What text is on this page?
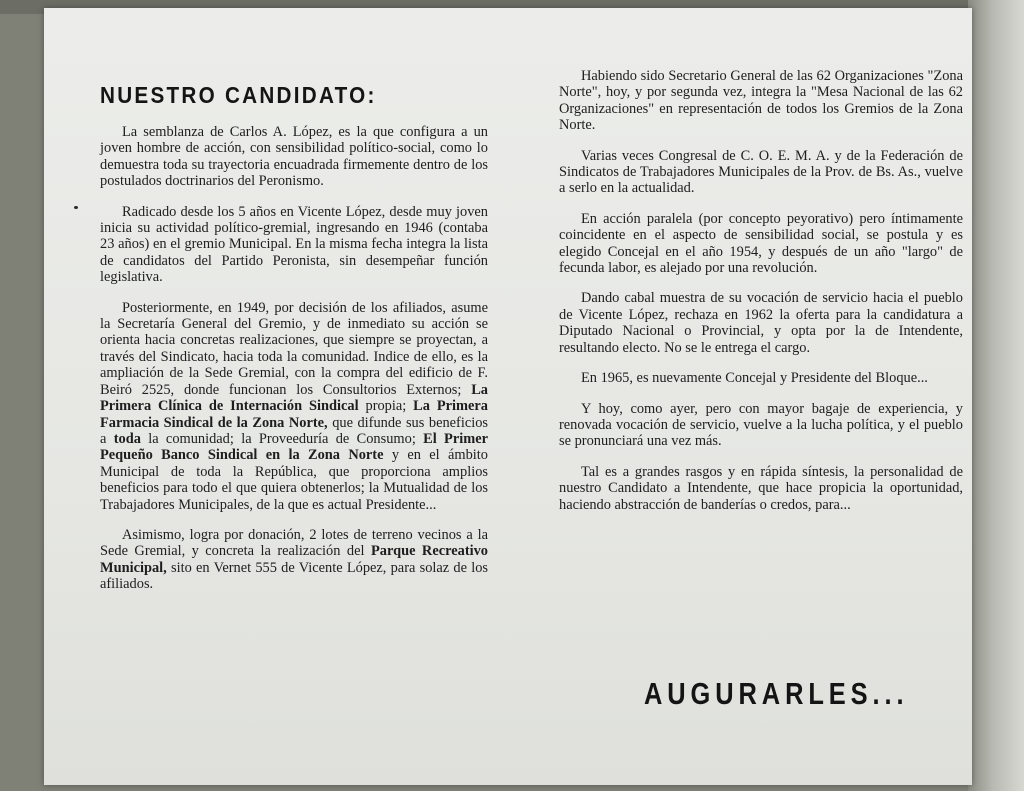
NUESTRO CANDIDATO:

La semblanza de Carlos A. López, es la que configura a un joven hombre de acción, con sensibilidad político-social, como lo demuestra toda su trayectoria encuadrada firmemente dentro de los postulados doctrinarios del Peronismo.

Radicado desde los 5 años en Vicente López, desde muy joven inicia su actividad político-gremial, ingresando en 1946 (contaba 23 años) en el gremio Municipal. En la misma fecha integra la lista de candidatos del Partido Peronista, sin desempeñar función legislativa.

Posteriormente, en 1949, por decisión de los afiliados, asume la Secretaría General del Gremio, y de inmediato su acción se orienta hacia concretas realizaciones, que siempre se proyectan, a través del Sindicato, hacia toda la comunidad. Indice de ello, es la ampliación de la Sede Gremial, con la compra del edificio de F. Beiró 2525, donde funcionan los Consultorios Externos; La Primera Clínica de Internación Sindical propia; La Primera Farmacia Sindical de la Zona Norte, que difunde sus beneficios a toda la comunidad; la Proveeduría de Consumo; El Primer Pequeño Banco Sindical en la Zona Norte y en el ámbito Municipal de toda la República, que proporciona amplios beneficios para todo el que quiera obtenerlos; la Mutualidad de los Trabajadores Municipales, de la que es actual Presidente...

Asimismo, logra por donación, 2 lotes de terreno vecinos a la Sede Gremial, y concreta la realización del Parque Recreativo Municipal, sito en Vernet 555 de Vicente López, para solaz de los afiliados.

Habiendo sido Secretario General de las 62 Organizaciones "Zona Norte", hoy, y por segunda vez, integra la "Mesa Nacional de las 62 Organizaciones" en representación de todos los Gremios de la Zona Norte.

Varias veces Congresal de C. O. E. M. A. y de la Federación de Sindicatos de Trabajadores Municipales de la Prov. de Bs. As., vuelve a serlo en la actualidad.

En acción paralela (por concepto peyorativo) pero íntimamente coincidente en el aspecto de sensibilidad social, se postula y es elegido Concejal en el año 1954, y después de un año "largo" de fecunda labor, es alejado por una revolución.

Dando cabal muestra de su vocación de servicio hacia el pueblo de Vicente López, rechaza en 1962 la oferta para la candidatura a Diputado Nacional o Provincial, y opta por la de Intendente, resultando electo. No se le entrega el cargo.

En 1965, es nuevamente Concejal y Presidente del Bloque...

Y hoy, como ayer, pero con mayor bagaje de experiencia, y renovada vocación de servicio, vuelve a la lucha política, y el pueblo se pronunciará una vez más.

Tal es a grandes rasgos y en rápida síntesis, la personalidad de nuestro Candidato a Intendente, que hace propicia la oportunidad, haciendo abstracción de banderías o credos, para...

AUGURARLES...
